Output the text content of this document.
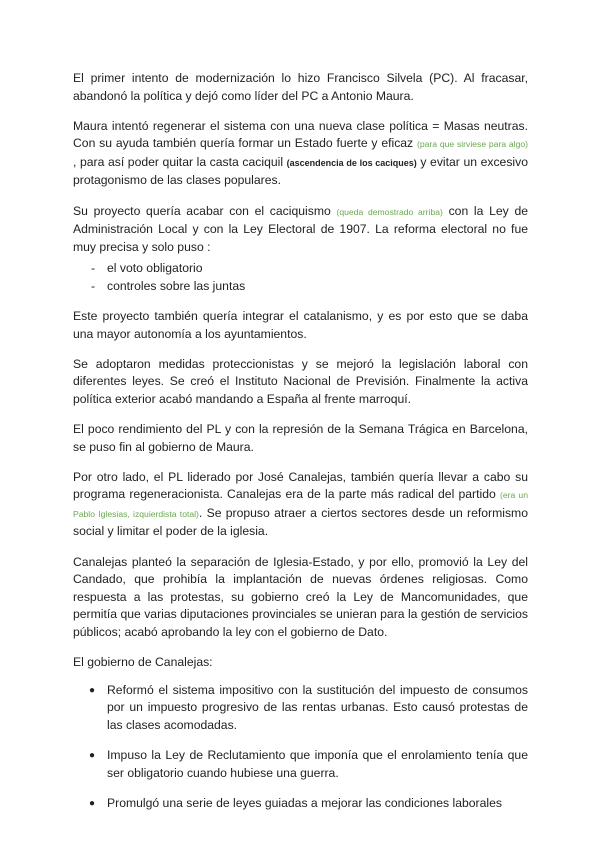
El primer intento de modernización lo hizo Francisco Silvela (PC). Al fracasar, abandonó la política y dejó como líder del PC a Antonio Maura.

Maura intentó regenerar el sistema con una nueva clase política = Masas neutras. Con su ayuda también quería formar un Estado fuerte y eficaz (para que sirviese para algo) , para así poder quitar la casta caciquil (ascendencia de los caciques) y evitar un excesivo protagonismo de las clases populares.

Su proyecto quería acabar con el caciquismo (queda demostrado arriba) con la Ley de Administración Local y con la Ley Electoral de 1907. La reforma electoral no fue muy precisa y solo puso :

- el voto obligatorio
- controles sobre las juntas

Este proyecto también quería integrar el catalanismo, y es por esto que se daba una mayor autonomía a los ayuntamientos.

Se adoptaron medidas proteccionistas y se mejoró la legislación laboral con diferentes leyes. Se creó el Instituto Nacional de Previsión. Finalmente la activa política exterior acabó mandando a España al frente marroquí.

El poco rendimiento del PL y con la represión de la Semana Trágica en Barcelona, se puso fin al gobierno de Maura.

Por otro lado, el PL liderado por José Canalejas, también quería llevar a cabo su programa regeneracionista. Canalejas era de la parte más radical del partido (era un Pablo Iglesias, izquierdista total). Se propuso atraer a ciertos sectores desde un reformismo social y limitar el poder de la iglesia.

Canalejas planteó la separación de Iglesia-Estado, y por ello, promovió la Ley del Candado, que prohibía la implantación de nuevas órdenes religiosas. Como respuesta a las protestas, su gobierno creó la Ley de Mancomunidades, que permitía que varias diputaciones provinciales se unieran para la gestión de servicios públicos; acabó aprobando la ley con el gobierno de Dato.

El gobierno de Canalejas:

● Reformó el sistema impositivo con la sustitución del impuesto de consumos por un impuesto progresivo de las rentas urbanas. Esto causó protestas de las clases acomodadas.
● Impuso la Ley de Reclutamiento que imponía que el enrolamiento tenía que ser obligatorio cuando hubiese una guerra.
● Promulgó una serie de leyes guiadas a mejorar las condiciones laborales
